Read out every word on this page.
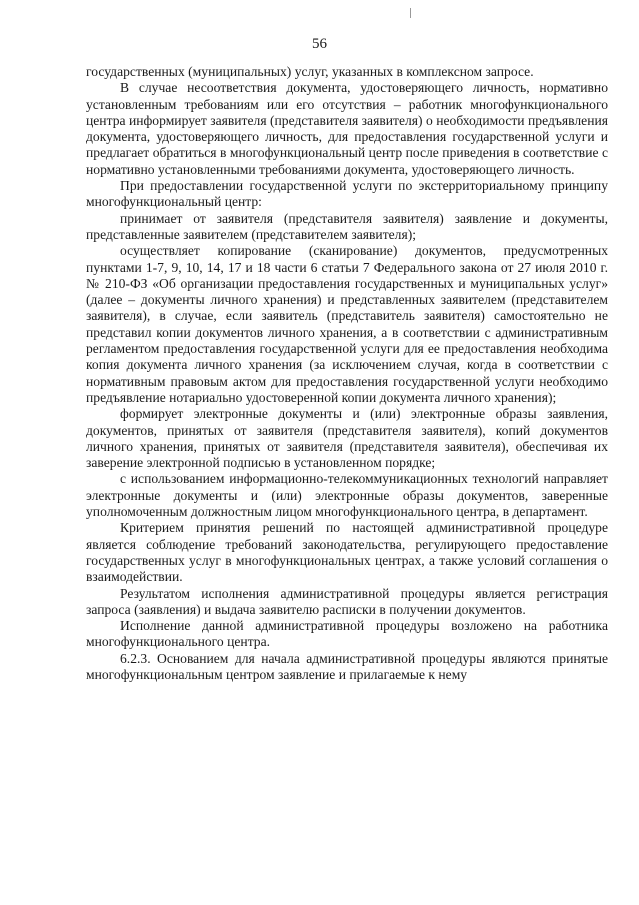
56

государственных (муниципальных) услуг, указанных в комплексном запросе.

В случае несоответствия документа, удостоверяющего личность, нормативно установленным требованиям или его отсутствия – работник многофункционального центра информирует заявителя (представителя заявителя) о необходимости предъявления документа, удостоверяющего личность, для предоставления государственной услуги и предлагает обратиться в многофункциональный центр после приведения в соответствие с нормативно установленными требованиями документа, удостоверяющего личность.

При предоставлении государственной услуги по экстерриториальному принципу многофункциональный центр:

принимает от заявителя (представителя заявителя) заявление и документы, представленные заявителем (представителем заявителя);

осуществляет копирование (сканирование) документов, предусмотренных пунктами 1-7, 9, 10, 14, 17 и 18 части 6 статьи 7 Федерального закона от 27 июля 2010 г. № 210-ФЗ «Об организации предоставления государственных и муниципальных услуг» (далее – документы личного хранения) и представленных заявителем (представителем заявителя), в случае, если заявитель (представитель заявителя) самостоятельно не представил копии документов личного хранения, а в соответствии с административным регламентом предоставления государственной услуги для ее предоставления необходима копия документа личного хранения (за исключением случая, когда в соответствии с нормативным правовым актом для предоставления государственной услуги необходимо предъявление нотариально удостоверенной копии документа личного хранения);

формирует электронные документы и (или) электронные образы заявления, документов, принятых от заявителя (представителя заявителя), копий документов личного хранения, принятых от заявителя (представителя заявителя), обеспечивая их заверение электронной подписью в установленном порядке;

с использованием информационно-телекоммуникационных технологий направляет электронные документы и (или) электронные образы документов, заверенные уполномоченным должностным лицом многофункционального центра, в департамент.

Критерием принятия решений по настоящей административной процедуре является соблюдение требований законодательства, регулирующего предоставление государственных услуг в многофункциональных центрах, а также условий соглашения о взаимодействии.

Результатом исполнения административной процедуры является регистрация запроса (заявления) и выдача заявителю расписки в получении документов.

Исполнение данной административной процедуры возложено на работника многофункционального центра.

6.2.3. Основанием для начала административной процедуры являются принятые многофункциональным центром заявление и прилагаемые к нему
